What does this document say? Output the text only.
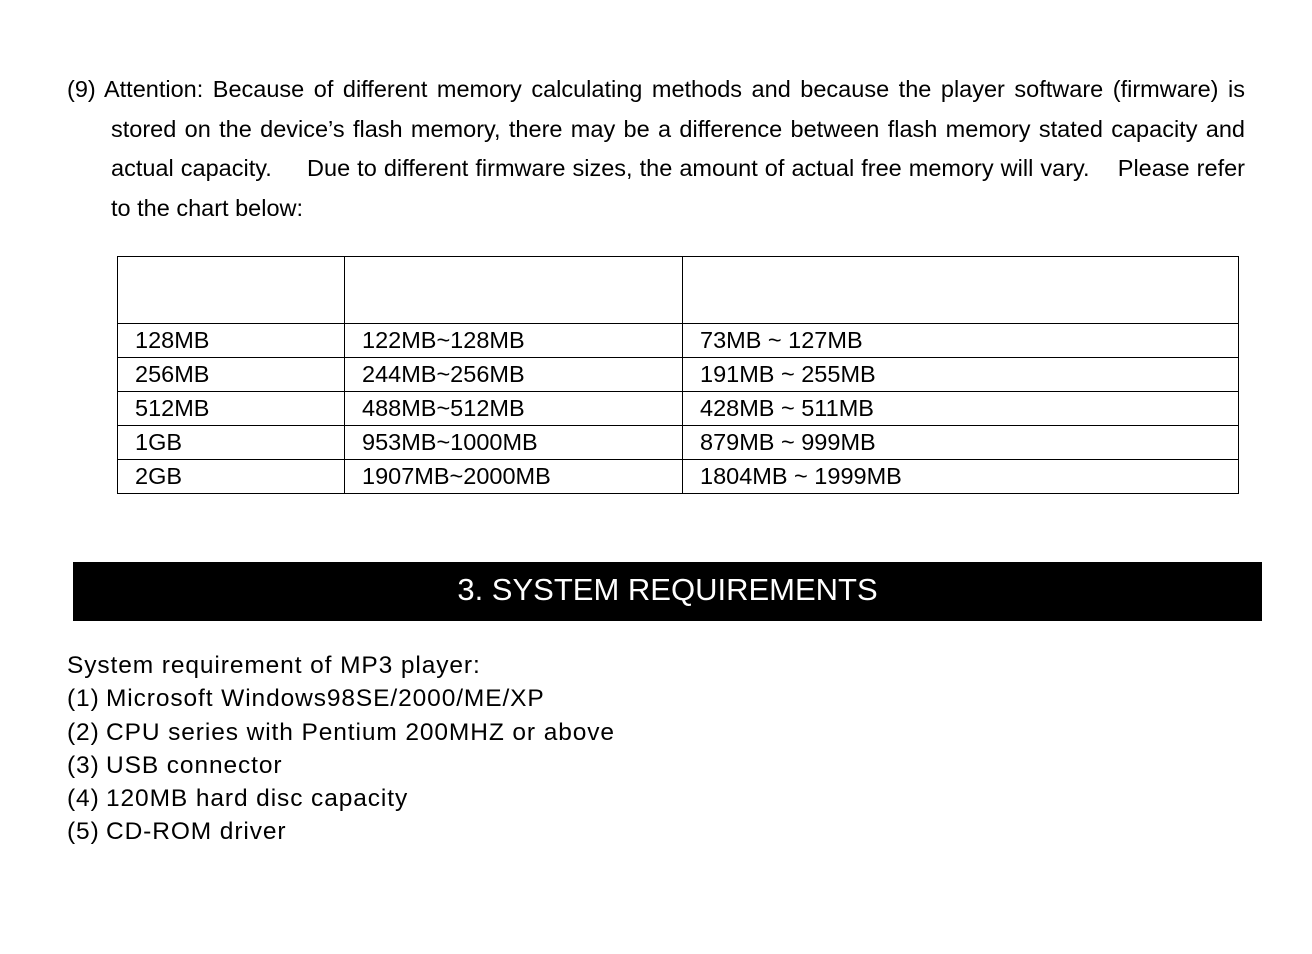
(9) Attention: Because of different memory calculating methods and because the player software (firmware) is stored on the device’s flash memory, there may be a difference between flash memory stated capacity and actual capacity.     Due to different firmware sizes, the amount of actual free memory will vary.    Please refer to the chart below:

128MB	122MB~128MB	73MB ~ 127MB
256MB	244MB~256MB	191MB ~ 255MB
512MB	488MB~512MB	428MB ~ 511MB
1GB	953MB~1000MB	879MB ~ 999MB
2GB	1907MB~2000MB	1804MB ~ 1999MB
3. SYSTEM REQUIREMENTS
System requirement of MP3 player:
(1) Microsoft Windows98SE/2000/ME/XP
(2) CPU series with Pentium 200MHZ or above
(3) USB connector
(4) 120MB hard disc capacity
(5) CD-ROM driver
